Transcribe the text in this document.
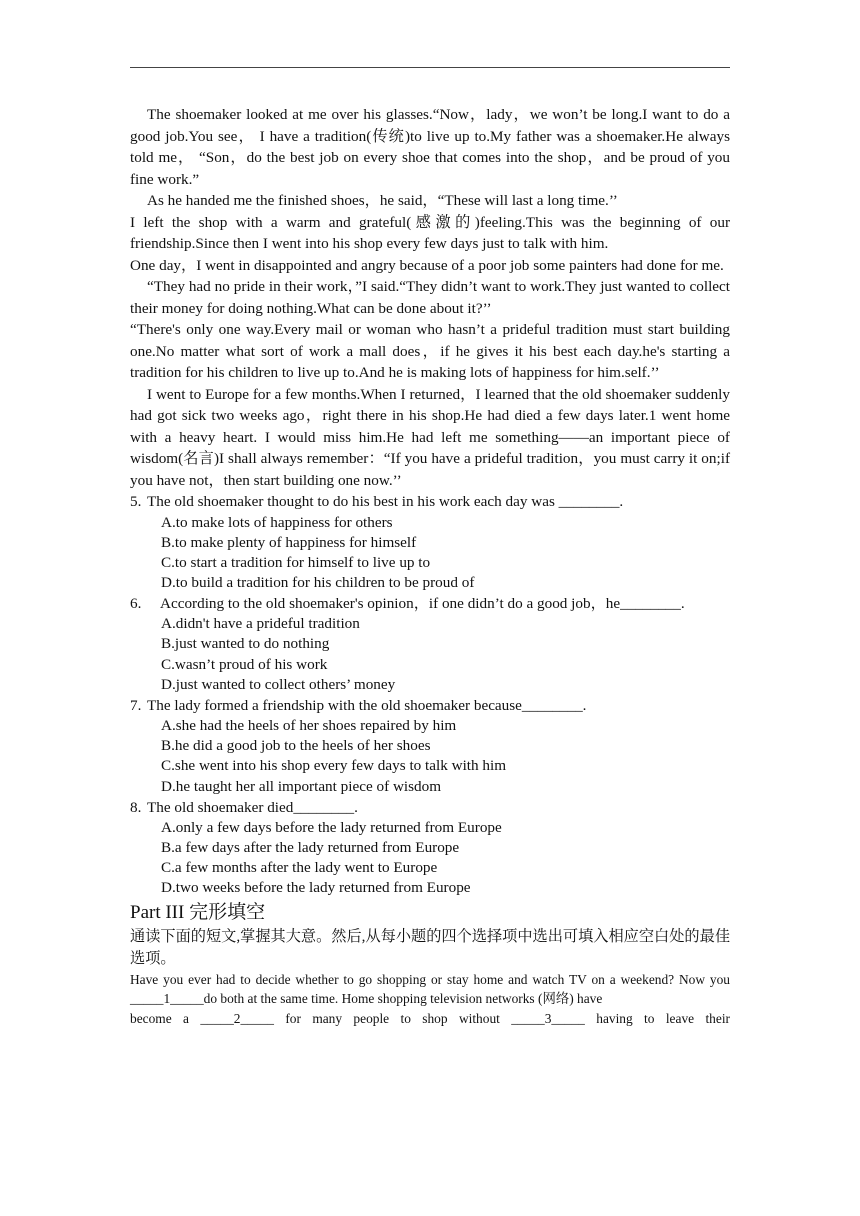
The shoemaker looked at me over his glasses.“Now，lady，we won’t be long.I want to do a good job.You see， I have a tradition(传统)to live up to.My father was a shoemaker.He always told me， “Son，do the best job on every shoe that comes into the shop，and be proud of you fine work.”

As he handed me the finished shoes，he said，“These will last a long time.’’

I left the shop with a warm and grateful(感激的)feeling.This was the beginning of our friendship.Since then I went into his shop every few days just to talk with him.

One day，I went in disappointed and angry because of a poor job some painters had done for me.

“They had no pride in their work，”I said.“They didn’t want to work.They just wanted to collect their money for doing nothing.What can be done about it?’’

“There's only one way.Every mail or woman who hasn’t a prideful tradition must start building one.No matter what sort of work a mall does，if he gives it his best each day.he's starting a tradition for his children to live up to.And he is making lots of happiness for him.self.’’

I went to Europe for a few months.When I returned，I learned that the old shoemaker suddenly had got sick two weeks ago，right there in his shop.He had died a few days later.1 went home with a heavy heart. I would miss him.He had left me something——an important piece of wisdom(名言)I shall always remember：“If you have a prideful tradition，you must carry it on;if you have not，then start building one now.’’

5. The old shoemaker thought to do his best in his work each day was ________.

A.to make lots of happiness for others

B.to make plenty of happiness for himself

C.to start a tradition for himself to live up to

D.to build a tradition for his children to be proud of

6.	According to the old shoemaker's opinion，if one didn’t do a good job，he________.

A.didn't have a prideful tradition

B.just wanted to do nothing

C.wasn’t proud of his work

D.just wanted to collect others’ money

7. The lady formed a friendship with the old shoemaker because________.

A.she had the heels of her shoes repaired by him

B.he did a good job to the heels of her shoes

C.she went into his shop every few days to talk with him

D.he taught her all important piece of wisdom

8. The old shoemaker died________.

A.only a few days before the lady returned from Europe

B.a few days after the lady returned from Europe

C.a few months after the lady went to Europe

D.two weeks before the lady returned from Europe

Part III 完形填空

通读下面的短文,掌握其大意。然后,从每小题的四个选择项中选出可填入相应空白处的最佳选项。

Have you ever had to decide whether to go shopping or stay home and watch TV on a weekend? Now you _____1_____do both at the same time. Home shopping television networks (网络) have

become a _____2_____ for many people to shop without _____3_____ having to leave their
